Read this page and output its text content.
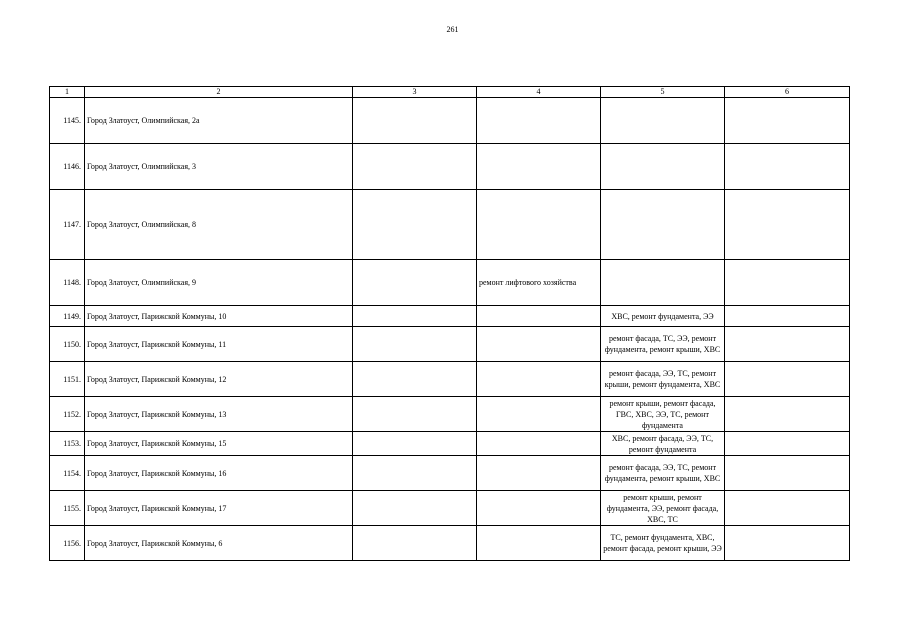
261
1	2	3	4	5	6
1145.	Город Златоуст, Олимпийская, 2а				
1146.	Город Златоуст, Олимпийская, 3				
1147.	Город Златоуст, Олимпийская, 8				
1148.	Город Златоуст, Олимпийская, 9		ремонт лифтового хозяйства		
1149.	Город Златоуст, Парижской Коммуны, 10			ХВС, ремонт фундамента, ЭЭ	
1150.	Город Златоуст, Парижской Коммуны, 11			ремонт фасада, ТС, ЭЭ, ремонт фундамента, ремонт крыши, ХВС	
1151.	Город Златоуст, Парижской Коммуны, 12			ремонт фасада, ЭЭ, ТС, ремонт крыши, ремонт фундамента, ХВС	
1152.	Город Златоуст, Парижской Коммуны, 13			ремонт крыши, ремонт фасада, ГВС, ХВС, ЭЭ, ТС, ремонт фундамента	
1153.	Город Златоуст, Парижской Коммуны, 15			ХВС, ремонт фасада, ЭЭ, ТС, ремонт фундамента	
1154.	Город Златоуст, Парижской Коммуны, 16			ремонт фасада, ЭЭ, ТС, ремонт фундамента, ремонт крыши, ХВС	
1155.	Город Златоуст, Парижской Коммуны, 17			ремонт крыши, ремонт фундамента, ЭЭ, ремонт фасада, ХВС, ТС	
1156.	Город Златоуст, Парижской Коммуны, 6			ТС, ремонт фундамента, ХВС, ремонт фасада, ремонт крыши, ЭЭ	
